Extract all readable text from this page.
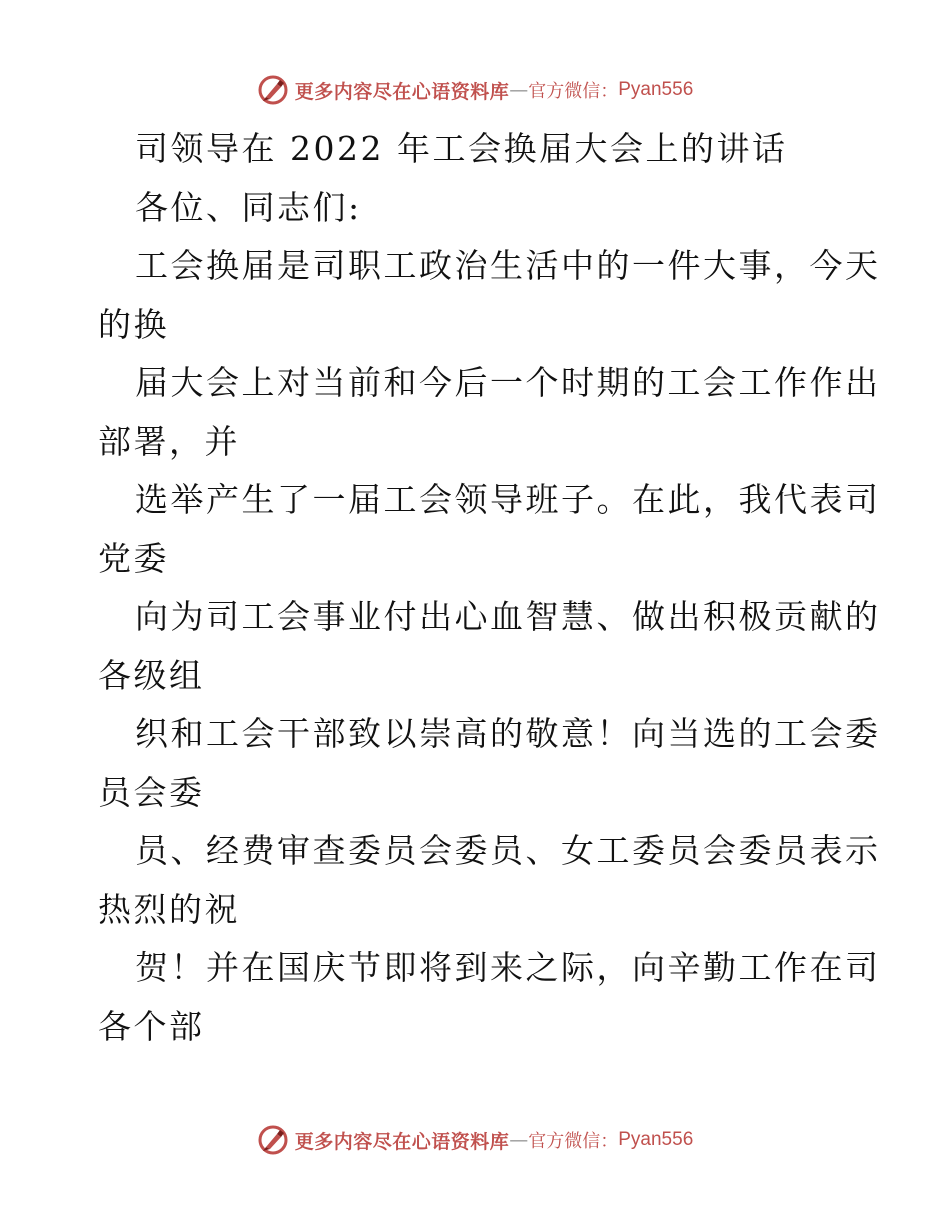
更多内容尽在心语资料库 — 官方微信： Pyan556
司领导在 2022 年工会换届大会上的讲话
各位、同志们:
工会换届是司职工政治生活中的一件大事，今天
的换
届大会上对当前和今后一个时期的工会工作作出
部署，并
选举产生了一届工会领导班子。在此，我代表司
党委
向为司工会事业付出心血智慧、做出积极贡献的
各级组
织和工会干部致以崇高的敬意！向当选的工会委
员会委
员、经费审查委员会委员、女工委员会委员表示
热烈的祝
贺！并在国庆节即将到来之际，向辛勤工作在司
各个部
更多内容尽在心语资料库 — 官方微信： Pyan556
